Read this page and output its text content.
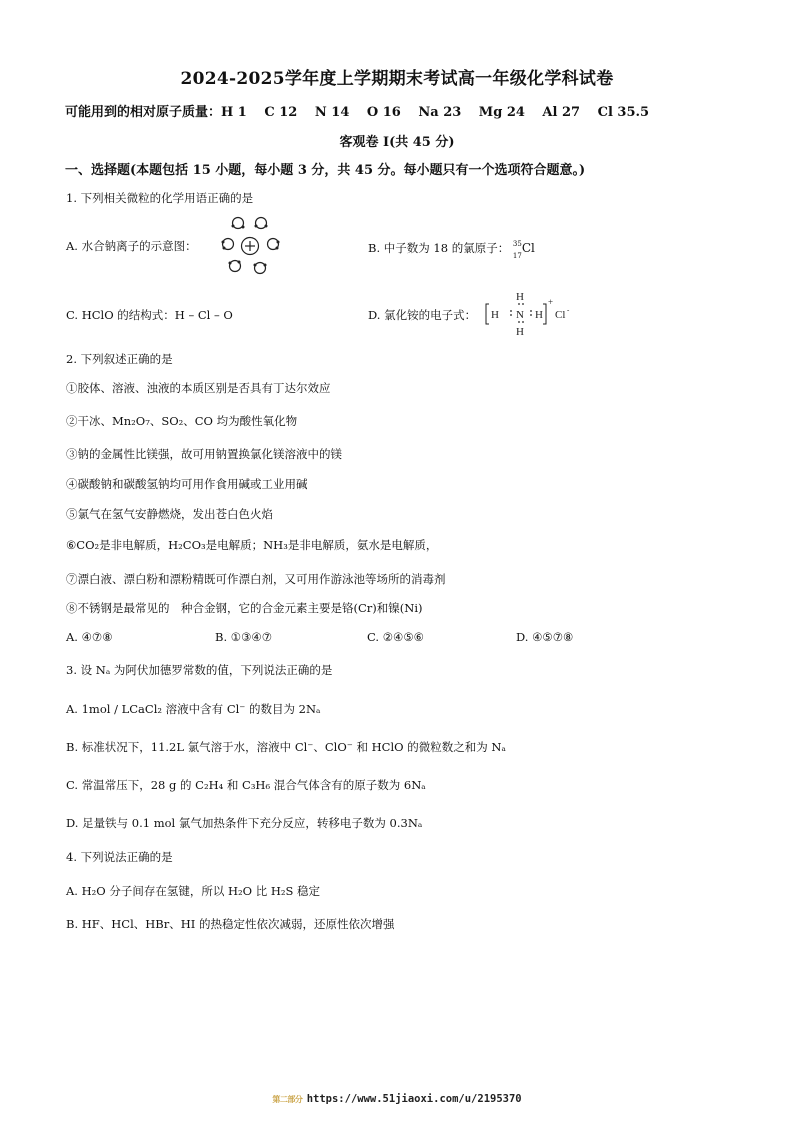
2024-2025学年度上学期期末考试高一年级化学科试卷
可能用到的相对原子质量：H 1　 C 12　 N 14　 O 16　 Na 23　 Mg 24　 Al 27　 Cl 35.5
客观卷 I(共 45 分)
一、选择题(本题包括 15 小题，每小题 3 分，共 45 分。每小题只有一个选项符合题意。)
1. 下列相关微粒的化学用语正确的是
A. 水合钠离子的示意图：	B. 中子数为 18 的氯原子： 35
17
Cl
C. HClO 的结构式：H – Cl – O	D. 氯化铵的电子式：
H
H N H
H
+
Cl -
2. 下列叙述正确的是
①胶体、溶液、浊液的本质区别是否具有丁达尔效应
②干冰、Mn₂O₇、SO₂、CO 均为酸性氧化物
③钠的金属性比镁强，故可用钠置换氯化镁溶液中的镁
④碳酸钠和碳酸氢钠均可用作食用碱或工业用碱
⑤氯气在氢气安静燃烧，发出苍白色火焰
⑥CO₂是非电解质，H₂CO₃是电解质；NH₃是非电解质，氨水是电解质，
⑦漂白液、漂白粉和漂粉精既可作漂白剂，又可用作游泳池等场所的消毒剂
⑧不锈钢是最常见的　种合金钢，它的合金元素主要是铬(Cr)和镍(Ni)
A. ④⑦⑧	B. ①③④⑦	C. ②④⑤⑥	D. ④⑤⑦⑧
3. 设 Nₐ 为阿伏加德罗常数的值，下列说法正确的是
A. 1mol / LCaCl₂ 溶液中含有 Cl⁻ 的数目为 2Nₐ
B. 标准状况下，11.2L 氯气溶于水，溶液中 Cl⁻、ClO⁻ 和 HClO 的微粒数之和为 Nₐ
C. 常温常压下，28 g 的 C₂H₄ 和 C₃H₆ 混合气体含有的原子数为 6Nₐ
D. 足量铁与 0.1 mol 氯气加热条件下充分反应，转移电子数为 0.3Nₐ
4. 下列说法正确的是
A. H₂O 分子间存在氢键，所以 H₂O 比 H₂S 稳定
B. HF、HCl、HBr、HI 的热稳定性依次减弱，还原性依次增强
第二部分 https://www.51jiaoxi.com/u/2195370
